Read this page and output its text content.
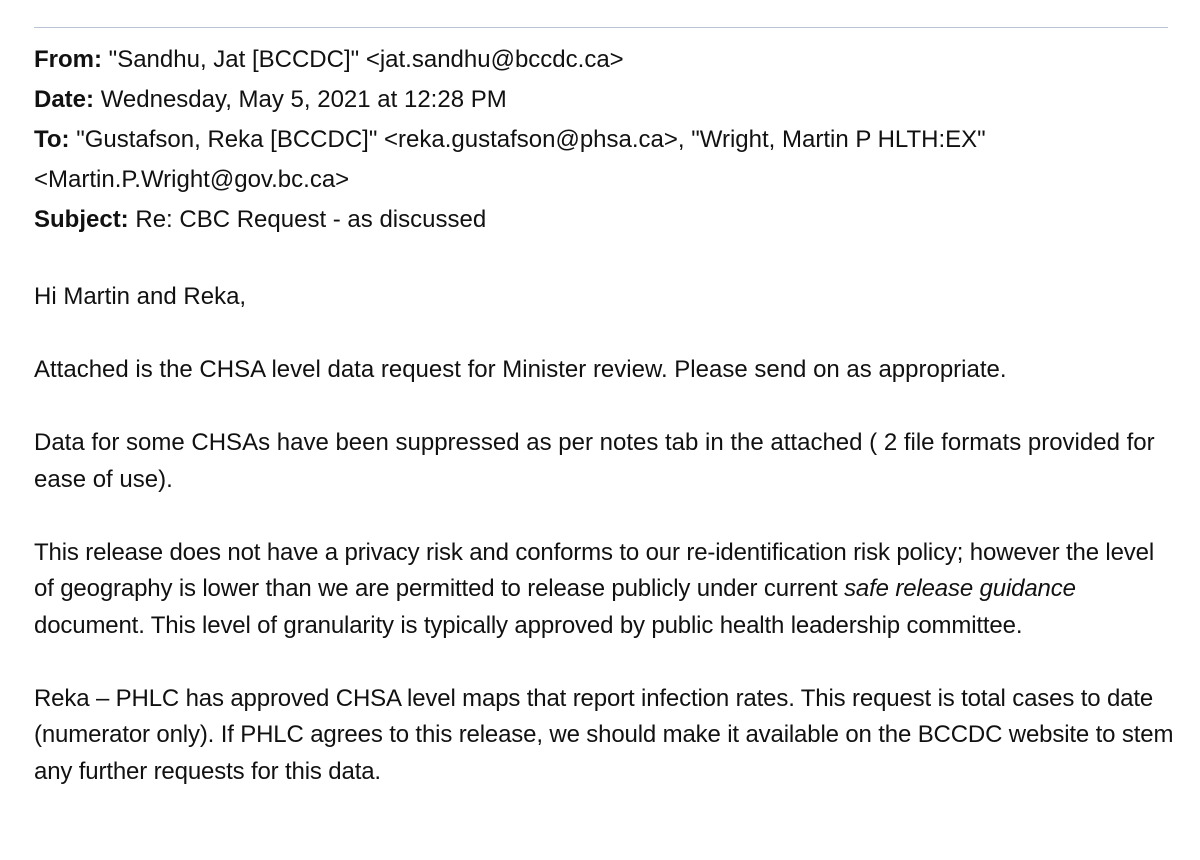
From: "Sandhu, Jat [BCCDC]" <jat.sandhu@bccdc.ca>
Date: Wednesday, May 5, 2021 at 12:28 PM
To: "Gustafson, Reka [BCCDC]" <reka.gustafson@phsa.ca>, "Wright, Martin P HLTH:EX"
<Martin.P.Wright@gov.bc.ca>
Subject: Re: CBC Request - as discussed

Hi Martin and Reka,

Attached is the CHSA level data request for Minister review. Please send on as appropriate.

Data for some CHSAs have been suppressed as per notes tab in the attached ( 2 file formats provided for ease of use).

This release does not have a privacy risk and conforms to our re-identification risk policy; however the level of geography is lower than we are permitted to release publicly under current safe release guidance document. This level of granularity is typically approved by public health leadership committee.

Reka – PHLC has approved CHSA level maps that report infection rates. This request is total cases to date (numerator only). If PHLC agrees to this release, we should make it available on the BCCDC website to stem any further requests for this data.
